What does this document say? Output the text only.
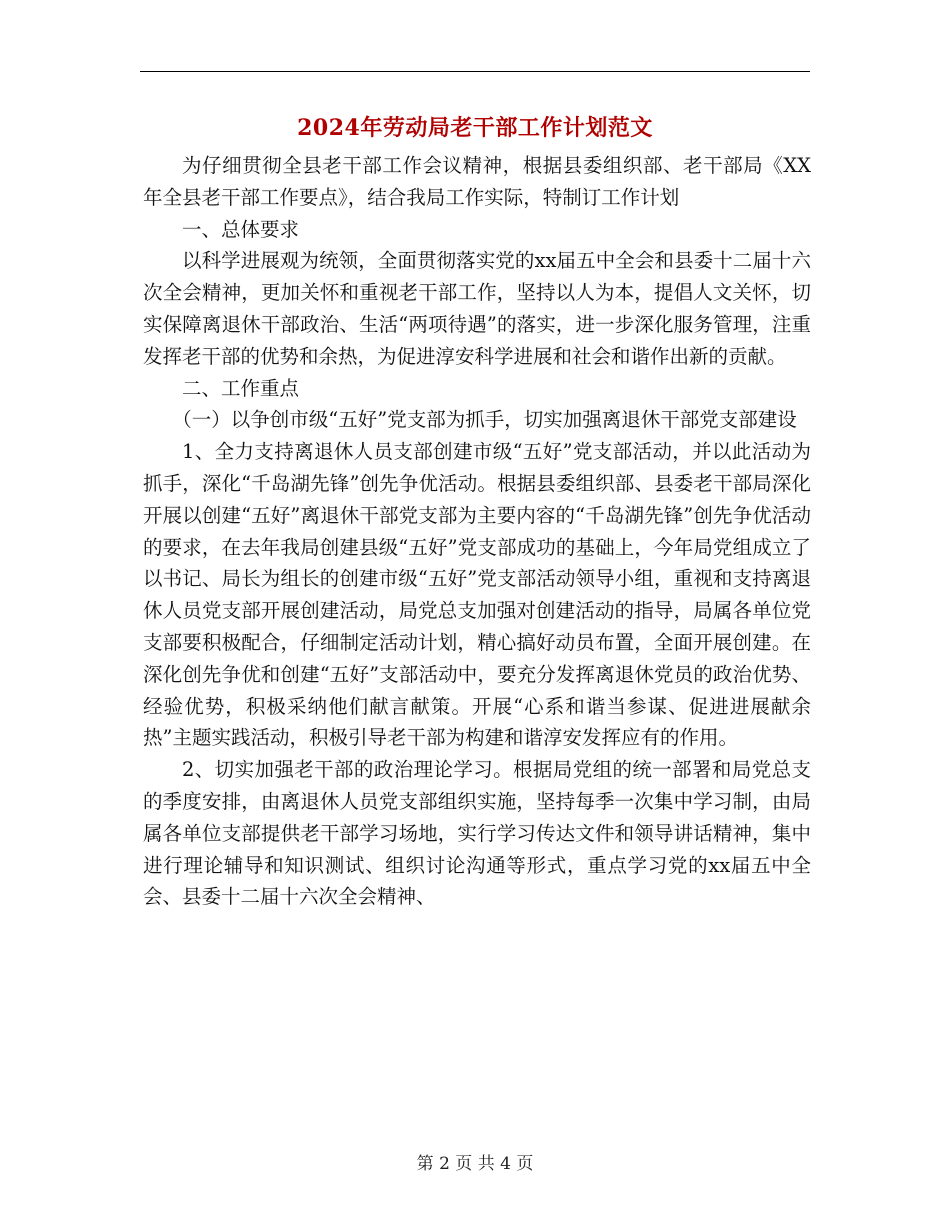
2024年劳动局老干部工作计划范文

为仔细贯彻全县老干部工作会议精神，根据县委组织部、老干部局《XX年全县老干部工作要点》，结合我局工作实际，特制订工作计划

一、总体要求

以科学进展观为统领，全面贯彻落实党的xx届五中全会和县委十二届十六次全会精神，更加关怀和重视老干部工作，坚持以人为本，提倡人文关怀，切实保障离退休干部政治、生活“两项待遇”的落实，进一步深化服务管理，注重发挥老干部的优势和余热，为促进淳安科学进展和社会和谐作出新的贡献。

二、工作重点

（一）以争创市级“五好”党支部为抓手，切实加强离退休干部党支部建设

1、全力支持离退休人员支部创建市级“五好”党支部活动，并以此活动为抓手，深化“千岛湖先锋”创先争优活动。根据县委组织部、县委老干部局深化开展以创建“五好”离退休干部党支部为主要内容的“千岛湖先锋”创先争优活动的要求，在去年我局创建县级“五好”党支部成功的基础上，今年局党组成立了以书记、局长为组长的创建市级“五好”党支部活动领导小组，重视和支持离退休人员党支部开展创建活动，局党总支加强对创建活动的指导，局属各单位党支部要积极配合，仔细制定活动计划，精心搞好动员布置，全面开展创建。在深化创先争优和创建“五好”支部活动中，要充分发挥离退休党员的政治优势、经验优势，积极采纳他们献言献策。开展“心系和谐当参谋、促进进展献余热”主题实践活动，积极引导老干部为构建和谐淳安发挥应有的作用。

2、切实加强老干部的政治理论学习。根据局党组的统一部署和局党总支的季度安排，由离退休人员党支部组织实施，坚持每季一次集中学习制，由局属各单位支部提供老干部学习场地，实行学习传达文件和领导讲话精神，集中进行理论辅导和知识测试、组织讨论沟通等形式，重点学习党的xx届五中全会、县委十二届十六次全会精神、

第 2 页 共 4 页
